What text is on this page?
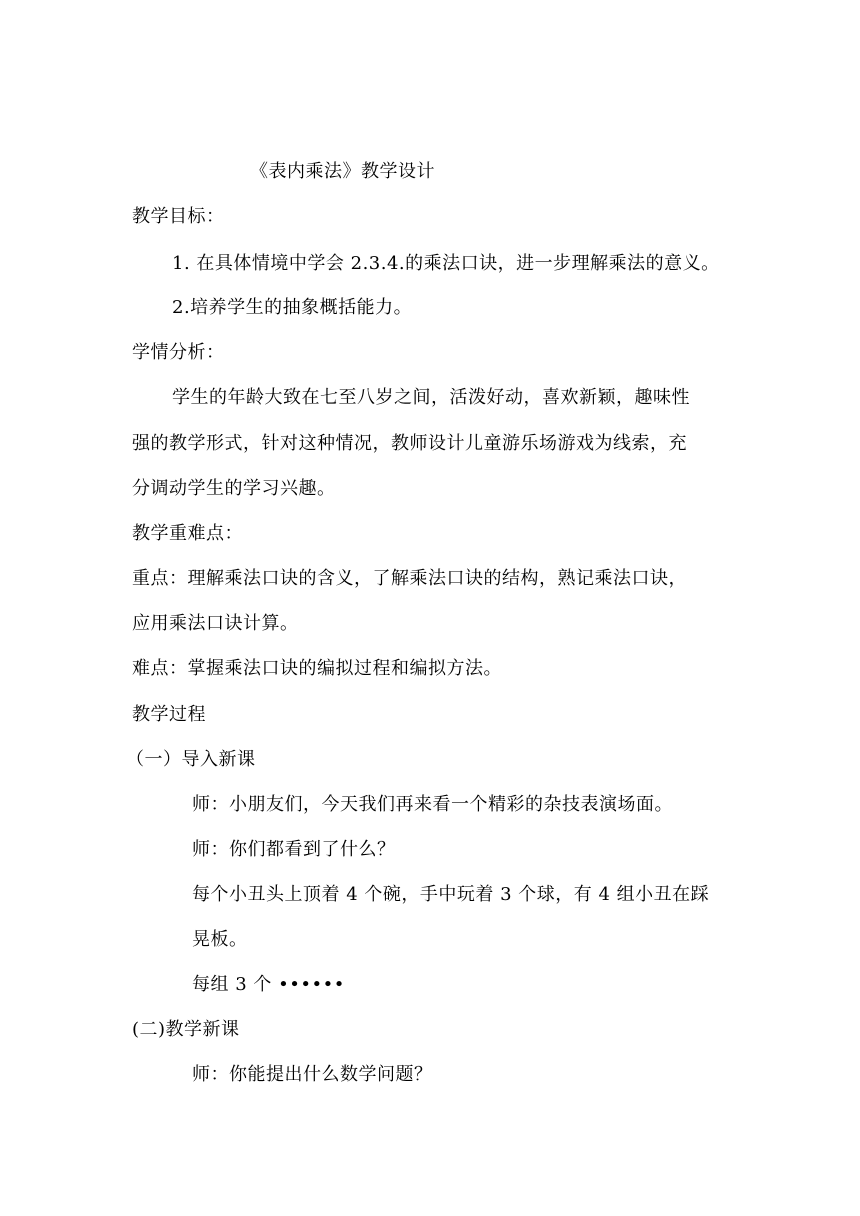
《表内乘法》教学设计
教学目标：
1. 在具体情境中学会 2.3.4.的乘法口诀，进一步理解乘法的意义。
2.培养学生的抽象概括能力。
学情分析：
学生的年龄大致在七至八岁之间，活泼好动，喜欢新颖，趣味性
强的教学形式，针对这种情况，教师设计儿童游乐场游戏为线索，充
分调动学生的学习兴趣。
教学重难点：
重点：理解乘法口诀的含义，了解乘法口诀的结构，熟记乘法口诀，
应用乘法口诀计算。
难点：掌握乘法口诀的编拟过程和编拟方法。
教学过程
（一）导入新课
师：小朋友们，今天我们再来看一个精彩的杂技表演场面。
师：你们都看到了什么？
每个小丑头上顶着 4 个碗，手中玩着 3 个球，有 4 组小丑在踩
晃板。
每组 3 个 ••••••
(二)教学新课
师：你能提出什么数学问题？
